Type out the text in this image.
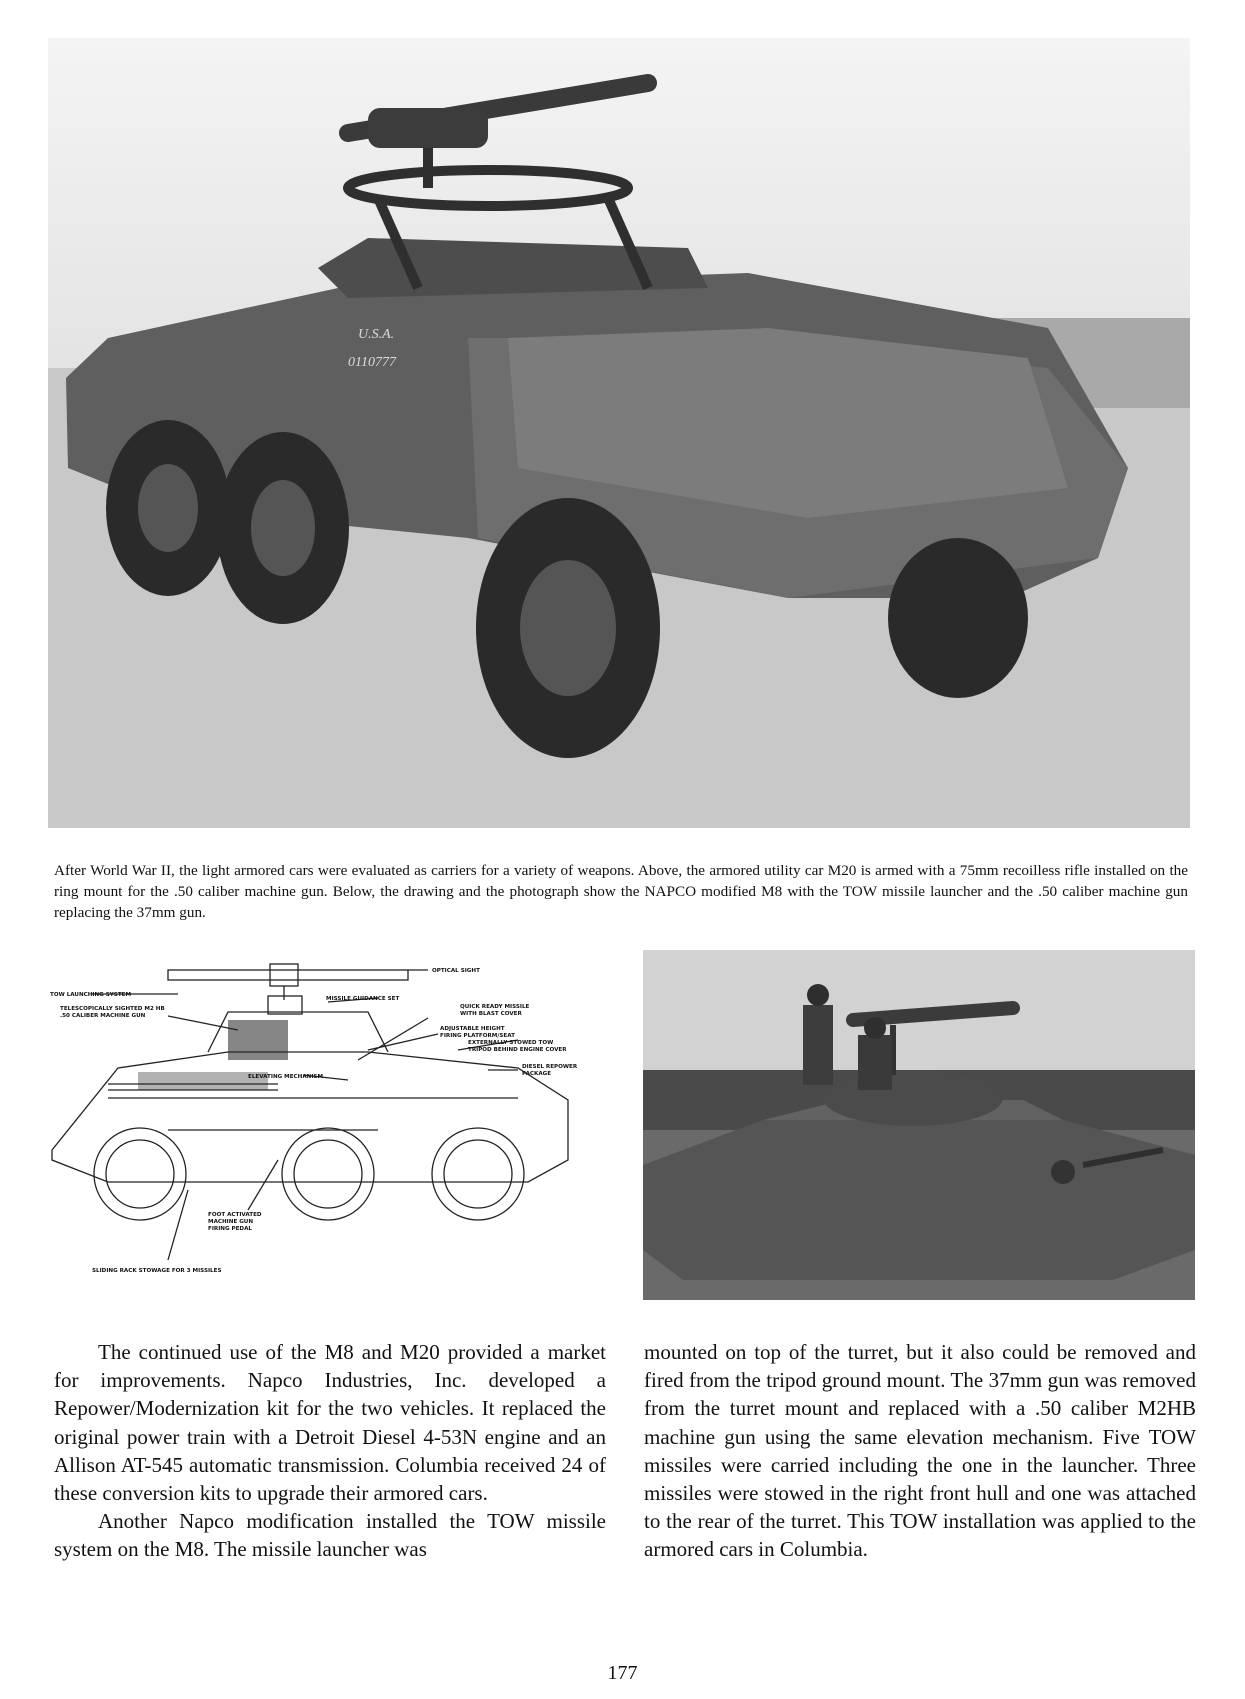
U.S.A.
0110777
After World War II, the light armored cars were evaluated as carriers for a variety of weapons. Above, the armored utility car M20 is armed with a 75mm recoilless rifle installed on the ring mount for the .50 caliber machine gun. Below, the drawing and the photograph show the NAPCO modified M8 with the TOW missile launcher and the .50 caliber machine gun replacing the 37mm gun.
OPTICAL SIGHT
TOW LAUNCHING SYSTEM
TELESCOPICALLY SIGHTED M2 HB
.50 CALIBER MACHINE GUN
MISSILE GUIDANCE SET
QUICK READY MISSILE
WITH BLAST COVER
ADJUSTABLE HEIGHT
FIRING PLATFORM/SEAT
EXTERNALLY STOWED TOW
TRIPOD BEHIND ENGINE COVER
DIESEL REPOWER
PACKAGE
ELEVATING MECHANISM
FOOT ACTIVATED
MACHINE GUN
FIRING PEDAL
SLIDING RACK STOWAGE FOR 3 MISSILES

The continued use of the M8 and M20 provided a market for improvements. Napco Industries, Inc. developed a Repower/Modernization kit for the two vehicles. It replaced the original power train with a Detroit Diesel 4-53N engine and an Allison AT-545 automatic transmission. Columbia received 24 of these conversion kits to upgrade their armored cars.

Another Napco modification installed the TOW missile system on the M8. The missile launcher was

mounted on top of the turret, but it also could be removed and fired from the tripod ground mount. The 37mm gun was removed from the turret mount and replaced with a .50 caliber M2HB machine gun using the same elevation mechanism. Five TOW missiles were carried including the one in the launcher. Three missiles were stowed in the right front hull and one was attached to the rear of the turret. This TOW installation was applied to the armored cars in Columbia.

177
